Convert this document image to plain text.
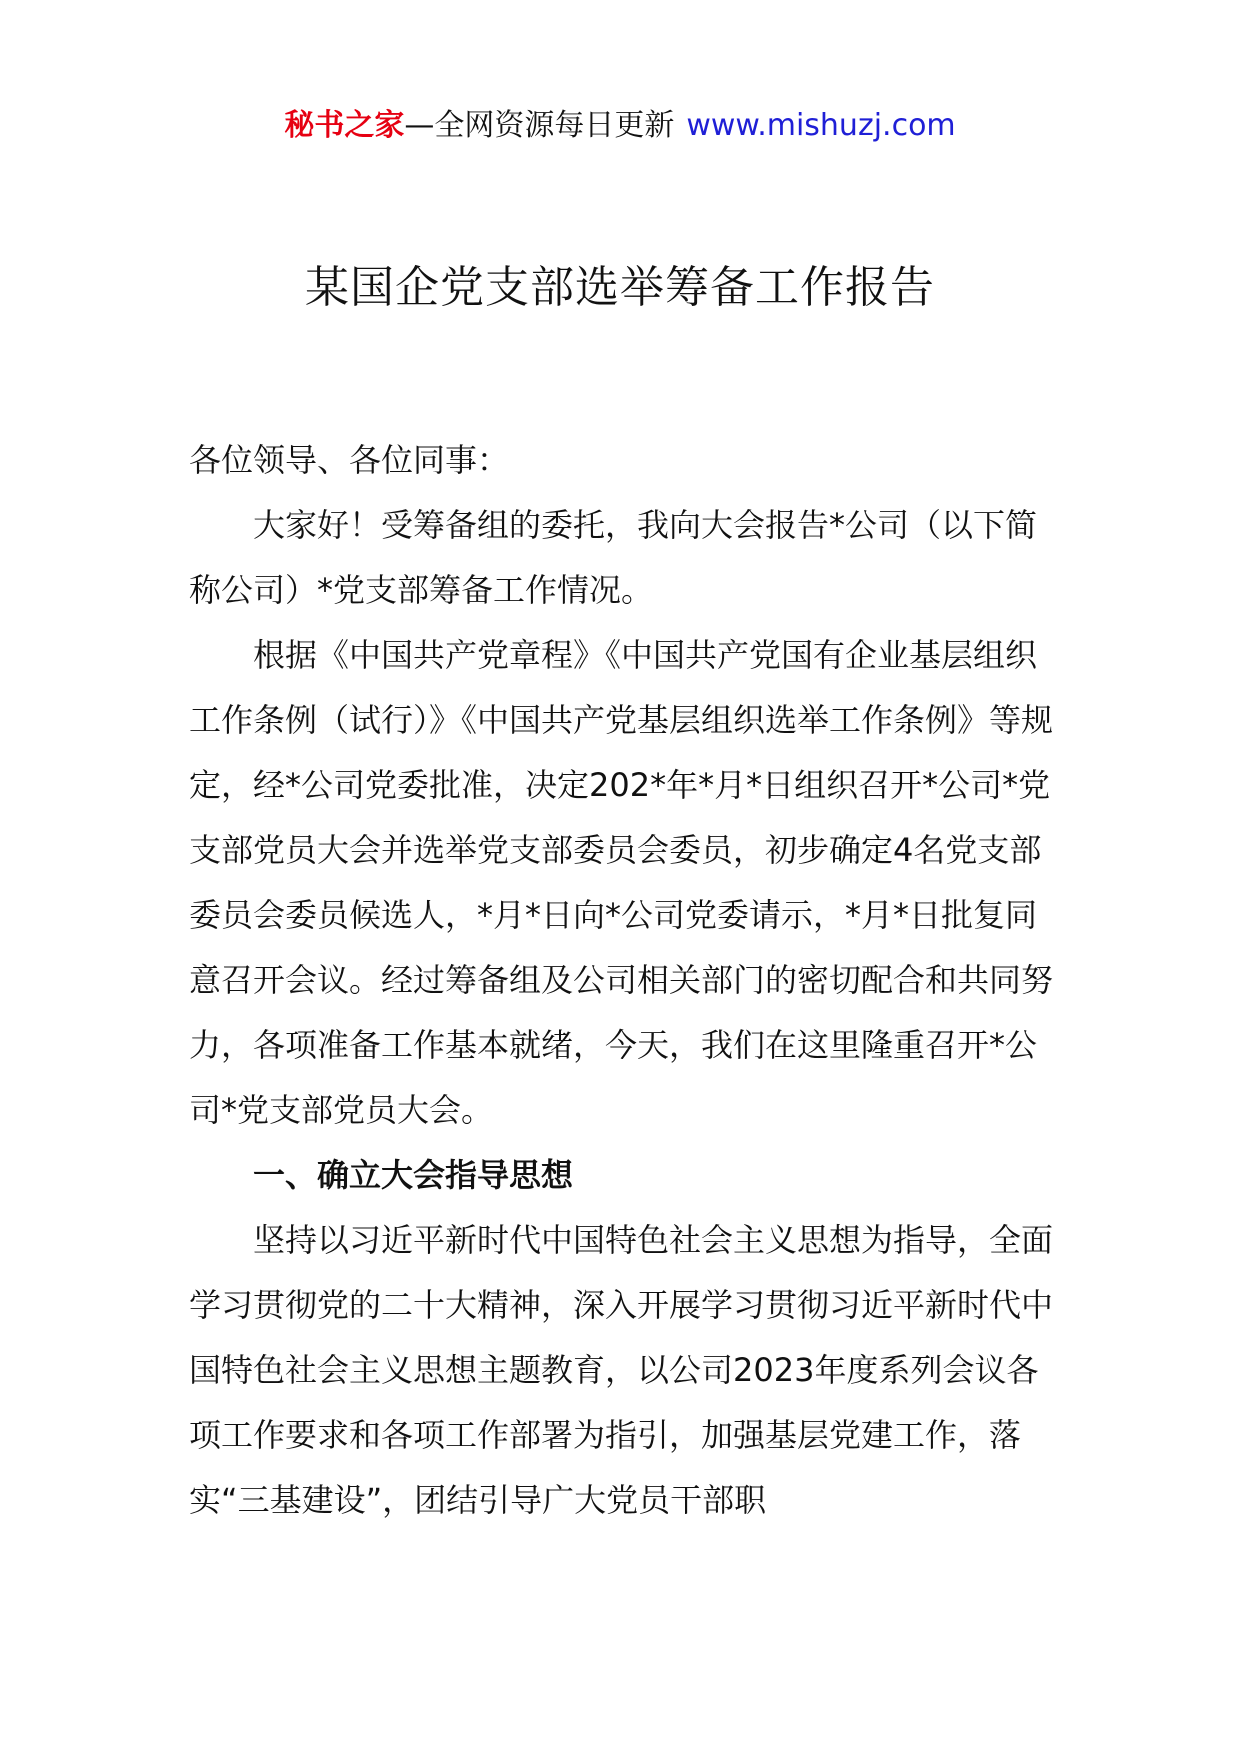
秘书之家—全网资源每日更新 www.mishuzj.com
某国企党支部选举筹备工作报告

各位领导、各位同事：

大家好！受筹备组的委托，我向大会报告*公司（以下简称公司）*党支部筹备工作情况。

根据《中国共产党章程》《中国共产党国有企业基层组织工作条例（试行）》《中国共产党基层组织选举工作条例》等规定，经*公司党委批准，决定202*年*月*日组织召开*公司*党支部党员大会并选举党支部委员会委员，初步确定4名党支部委员会委员候选人，*月*日向*公司党委请示，*月*日批复同意召开会议。经过筹备组及公司相关部门的密切配合和共同努力，各项准备工作基本就绪，今天，我们在这里隆重召开*公司*党支部党员大会。

一、确立大会指导思想

坚持以习近平新时代中国特色社会主义思想为指导，全面学习贯彻党的二十大精神，深入开展学习贯彻习近平新时代中国特色社会主义思想主题教育，以公司2023年度系列会议各项工作要求和各项工作部署为指引，加强基层党建工作，落实“三基建设”，团结引导广大党员干部职
